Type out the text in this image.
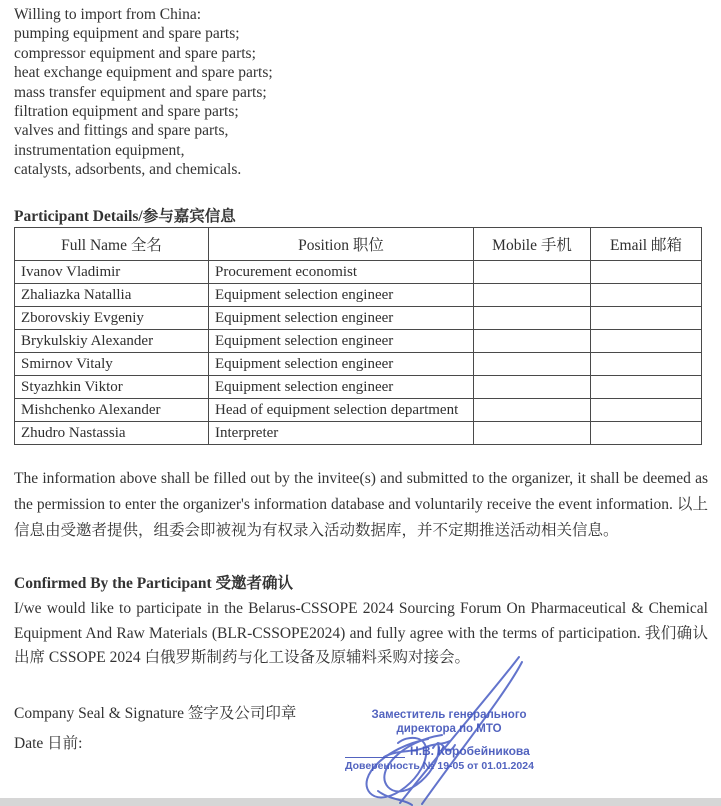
Willing to import from China:
pumping equipment and spare parts;
compressor equipment and spare parts;
heat exchange equipment and spare parts;
mass transfer equipment and spare parts;
filtration equipment and spare parts;
valves and fittings and spare parts,
instrumentation equipment,
catalysts, adsorbents, and chemicals.
Participant Details/参与嘉宾信息
Full Name 全名	Position 职位	Mobile 手机	Email 邮箱
Ivanov Vladimir	Procurement economist		
Zhaliazka Natallia	Equipment selection engineer		
Zborovskiy Evgeniy	Equipment selection engineer		
Brykulskiy Alexander	Equipment selection engineer		
Smirnov Vitaly	Equipment selection engineer		
Styazhkin Viktor	Equipment selection engineer		
Mishchenko Alexander	Head of equipment selection department		
Zhudro Nastassia	Interpreter		
The information above shall be filled out by the invitee(s) and submitted to the organizer, it shall be deemed as the permission to enter the organizer's information database and voluntarily receive the event information. 以上信息由受邀者提供，组委会即被视为有权录入活动数据库，并不定期推送活动相关信息。
Confirmed By the Participant 受邀者确认
I/we would like to participate in the Belarus-CSSOPE 2024 Sourcing Forum On Pharmaceutical & Chemical Equipment And Raw Materials (BLR-CSSOPE2024) and fully agree with the terms of participation. 我们确认出席 CSSOPE 2024 白俄罗斯制药与化工设备及原辅料采购对接会。
Company Seal & Signature 签字及公司印章
Date 日前:
Заместитель генерального
директора по МТО
Н.В. Коробейникова
Доверенность № 19-05 от 01.01.2024
